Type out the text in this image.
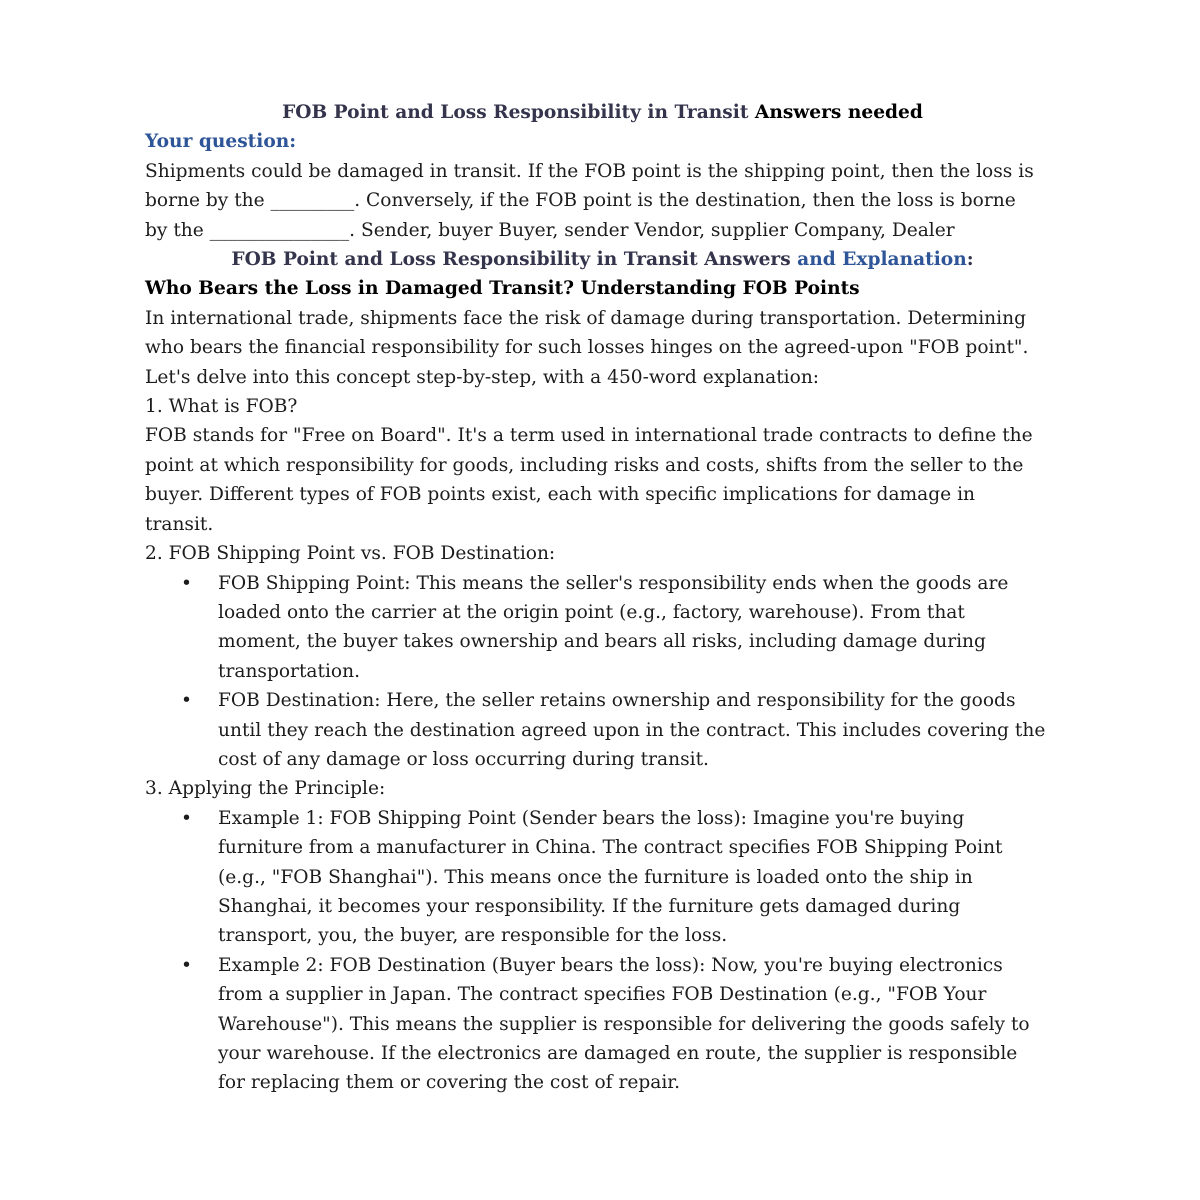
FOB Point and Loss Responsibility in Transit Answers needed
Your question:
Shipments could be damaged in transit. If the FOB point is the shipping point, then the loss is
borne by the _________. Conversely, if the FOB point is the destination, then the loss is borne
by the _______________. Sender, buyer Buyer, sender Vendor, supplier Company, Dealer
FOB Point and Loss Responsibility in Transit Answers and Explanation:
Who Bears the Loss in Damaged Transit? Understanding FOB Points
In international trade, shipments face the risk of damage during transportation. Determining
who bears the financial responsibility for such losses hinges on the agreed-upon "FOB point".
Let's delve into this concept step-by-step, with a 450-word explanation:
1. What is FOB?
FOB stands for "Free on Board". It's a term used in international trade contracts to define the
point at which responsibility for goods, including risks and costs, shifts from the seller to the
buyer. Different types of FOB points exist, each with specific implications for damage in
transit.
2. FOB Shipping Point vs. FOB Destination:
• FOB Shipping Point: This means the seller's responsibility ends when the goods are
loaded onto the carrier at the origin point (e.g., factory, warehouse). From that
moment, the buyer takes ownership and bears all risks, including damage during
transportation.
• FOB Destination: Here, the seller retains ownership and responsibility for the goods
until they reach the destination agreed upon in the contract. This includes covering the
cost of any damage or loss occurring during transit.
3. Applying the Principle:
• Example 1: FOB Shipping Point (Sender bears the loss): Imagine you're buying
furniture from a manufacturer in China. The contract specifies FOB Shipping Point
(e.g., "FOB Shanghai"). This means once the furniture is loaded onto the ship in
Shanghai, it becomes your responsibility. If the furniture gets damaged during
transport, you, the buyer, are responsible for the loss.
• Example 2: FOB Destination (Buyer bears the loss): Now, you're buying electronics
from a supplier in Japan. The contract specifies FOB Destination (e.g., "FOB Your
Warehouse"). This means the supplier is responsible for delivering the goods safely to
your warehouse. If the electronics are damaged en route, the supplier is responsible
for replacing them or covering the cost of repair.
